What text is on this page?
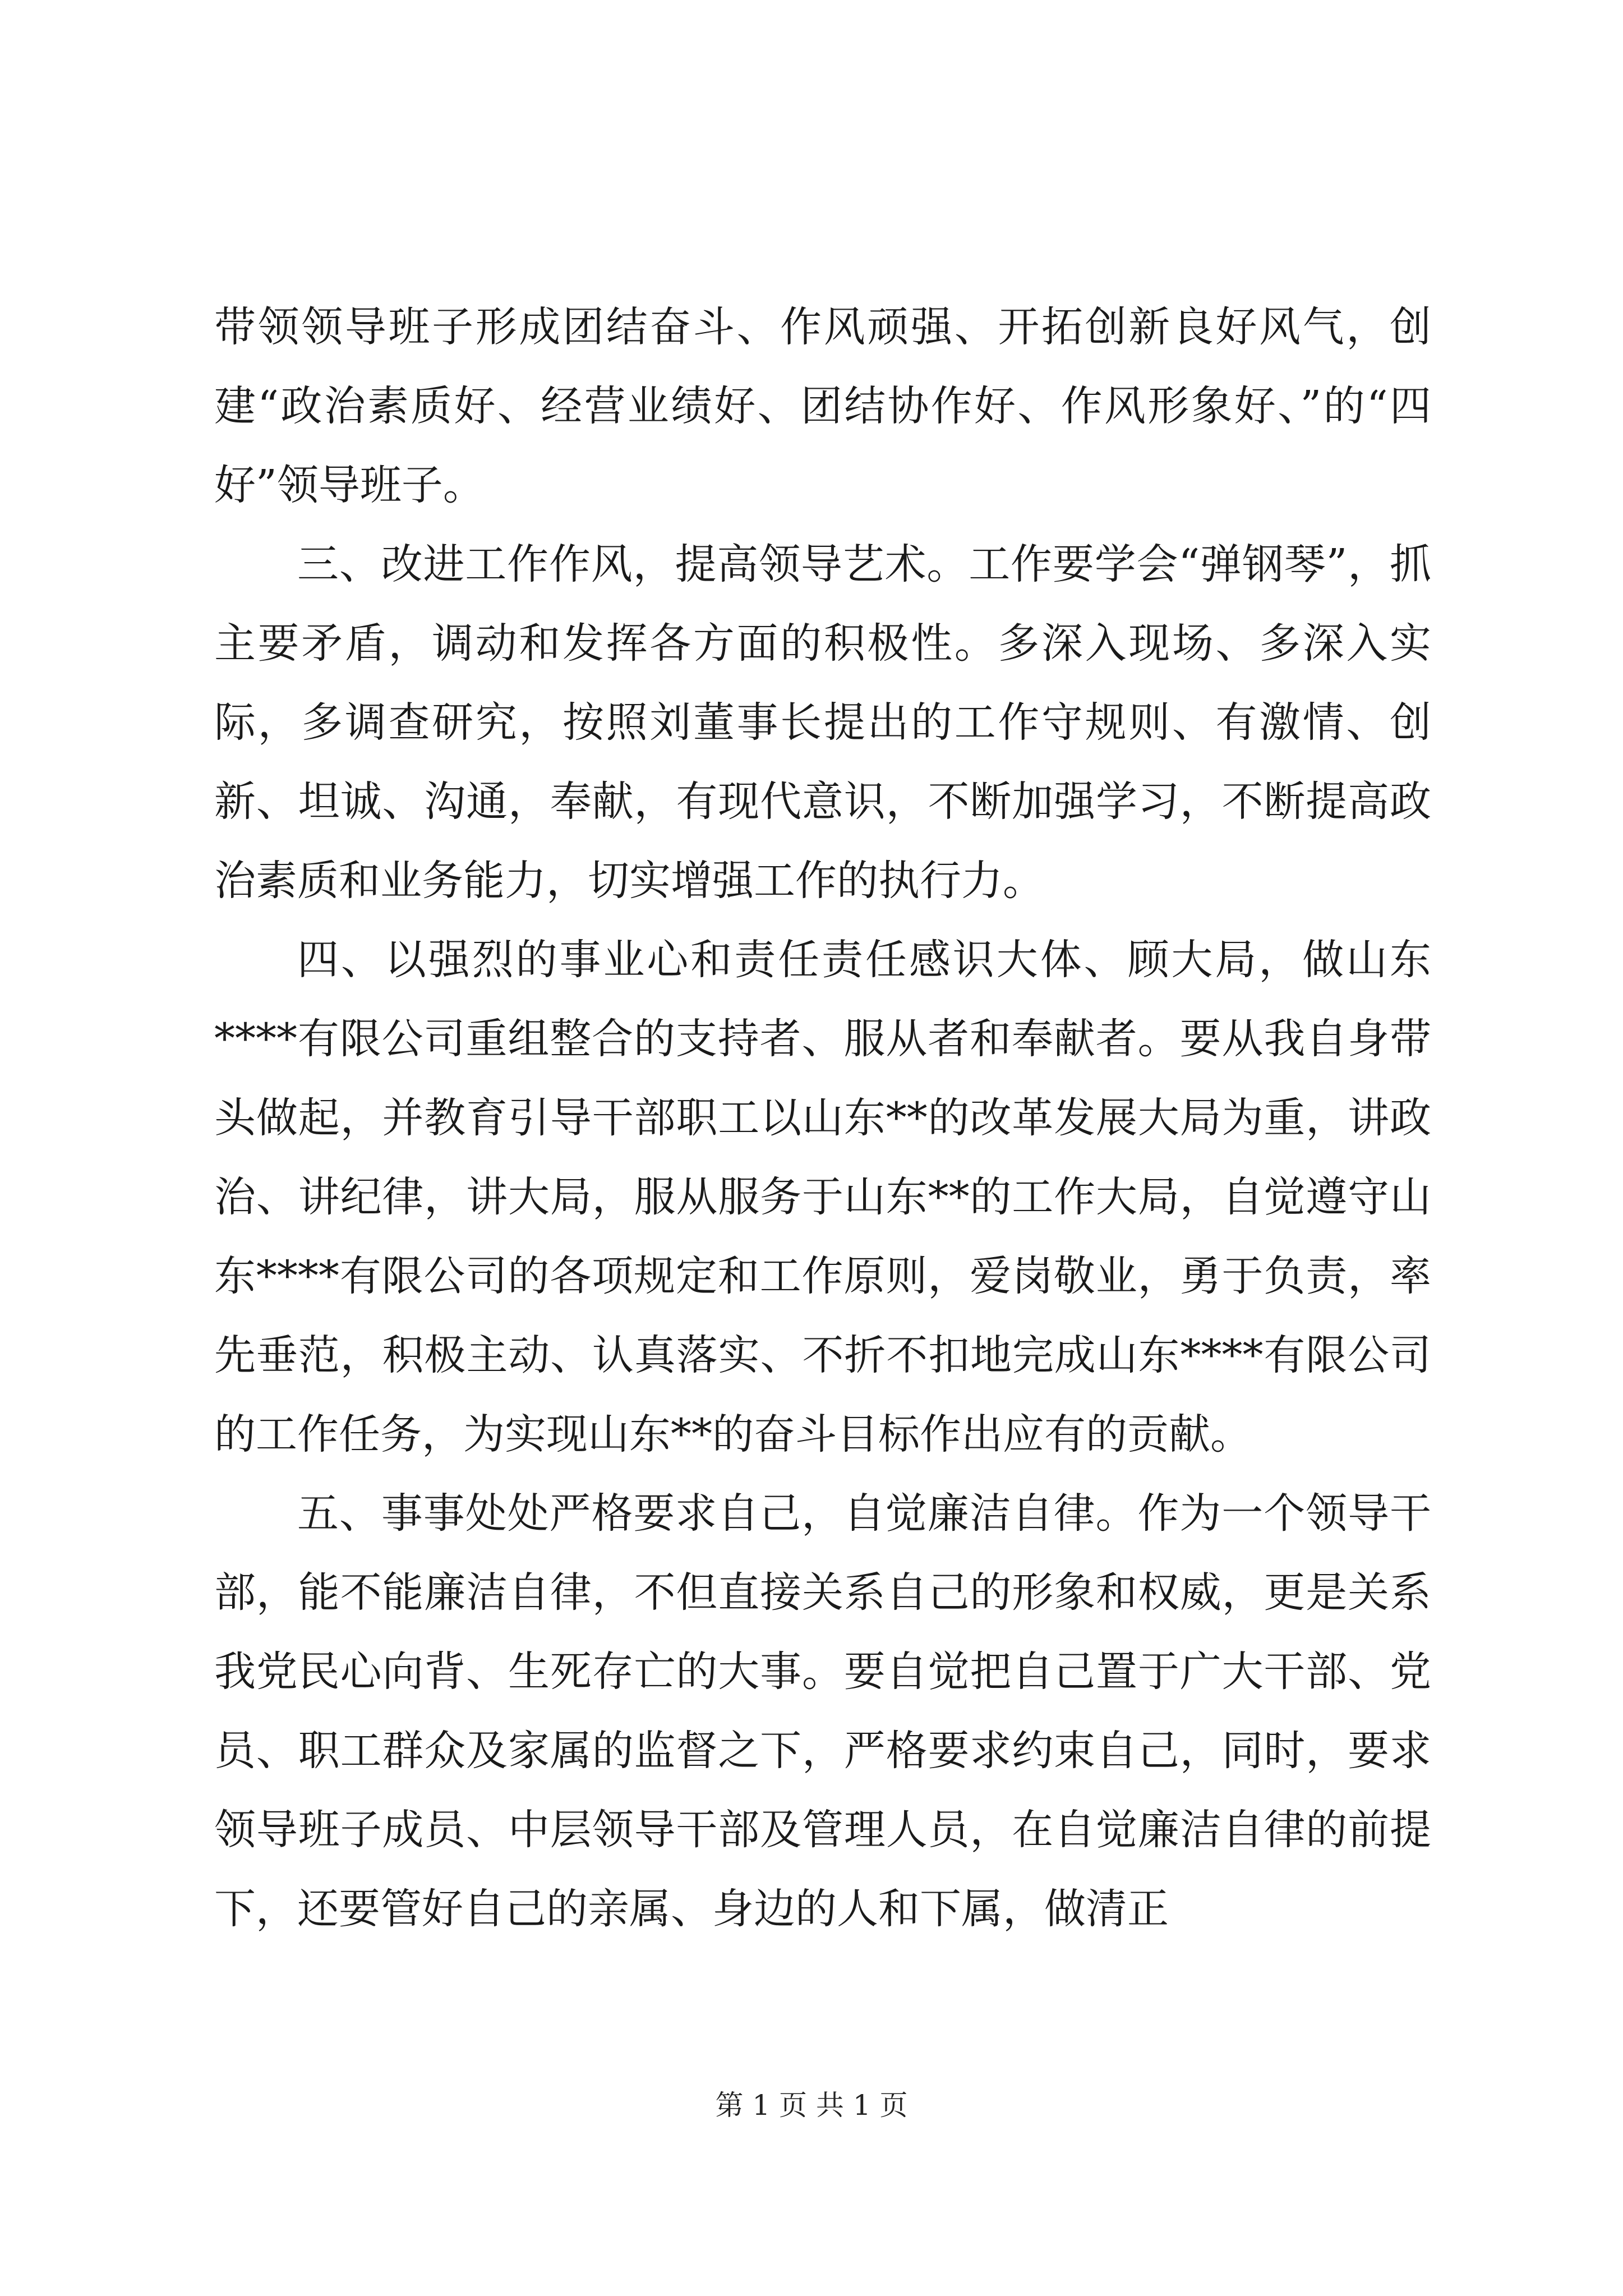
带领领导班子形成团结奋斗、作风顽强、开拓创新良好风气，创建“政治素质好、经营业绩好、团结协作好、作风形象好、”的“四好”领导班子。

三、改进工作作风，提高领导艺术。工作要学会“弹钢琴”，抓主要矛盾，调动和发挥各方面的积极性。多深入现场、多深入实际，多调查研究，按照刘董事长提出的工作守规则、有激情、创新、坦诚、沟通，奉献，有现代意识，不断加强学习，不断提高政治素质和业务能力，切实增强工作的执行力。

四、以强烈的事业心和责任责任感识大体、顾大局，做山东****有限公司重组整合的支持者、服从者和奉献者。要从我自身带头做起，并教育引导干部职工以山东**的改革发展大局为重，讲政治、讲纪律，讲大局，服从服务于山东**的工作大局，自觉遵守山东****有限公司的各项规定和工作原则，爱岗敬业，勇于负责，率先垂范，积极主动、认真落实、不折不扣地完成山东****有限公司的工作任务，为实现山东**的奋斗目标作出应有的贡献。

五、事事处处严格要求自己，自觉廉洁自律。作为一个领导干部，能不能廉洁自律，不但直接关系自己的形象和权威，更是关系我党民心向背、生死存亡的大事。要自觉把自己置于广大干部、党员、职工群众及家属的监督之下，严格要求约束自己，同时，要求领导班子成员、中层领导干部及管理人员，在自觉廉洁自律的前提下，还要管好自己的亲属、身边的人和下属，做清正

第 1 页 共 1 页
